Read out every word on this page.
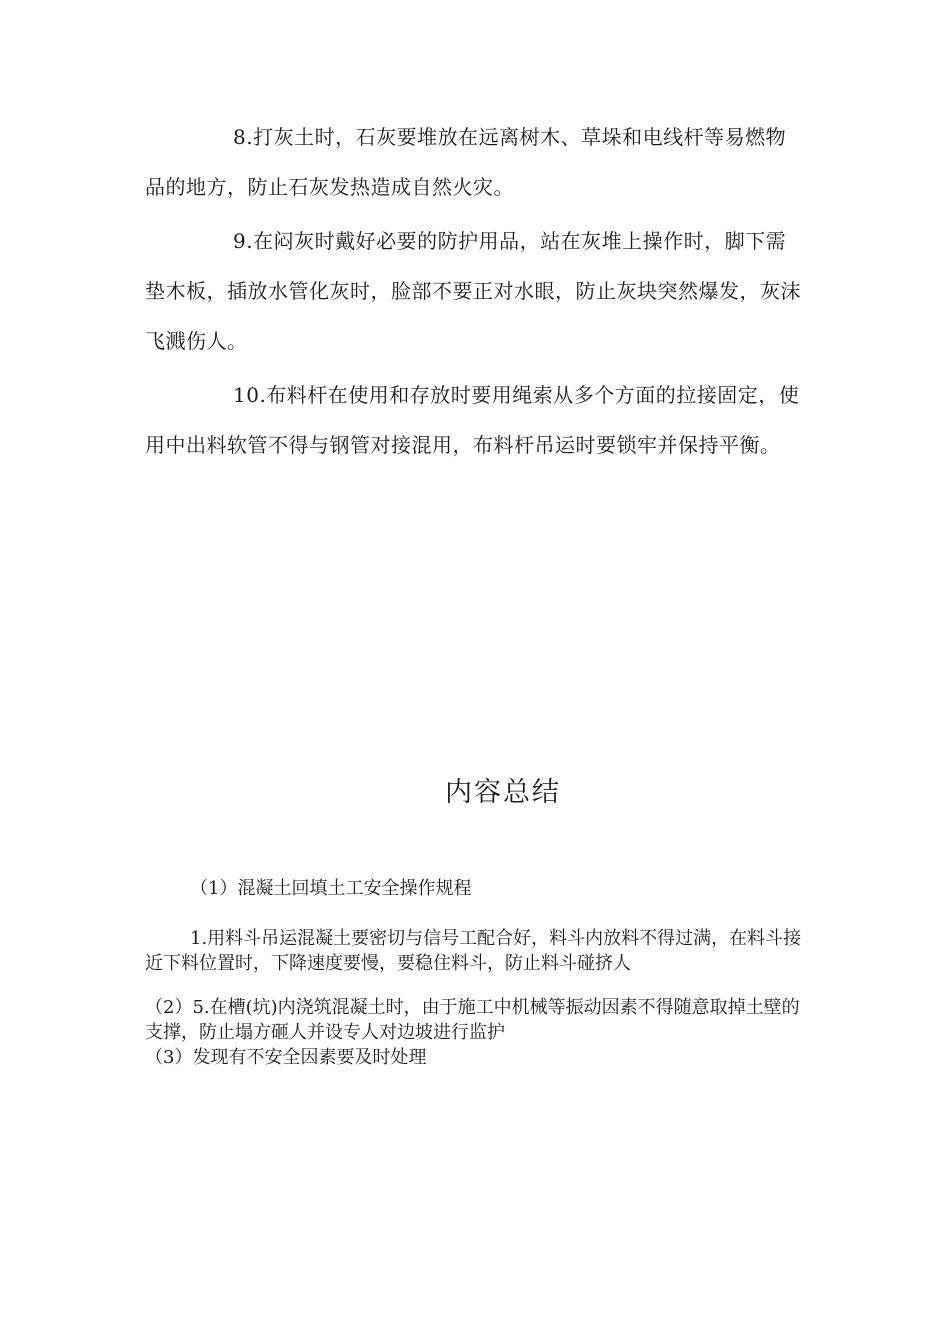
8.打灰土时，石灰要堆放在远离树木、草垛和电线杆等易燃物品的地方，防止石灰发热造成自然火灾。

9.在闷灰时戴好必要的防护用品，站在灰堆上操作时，脚下需垫木板，插放水管化灰时，脸部不要正对水眼，防止灰块突然爆发，灰沫飞溅伤人。

10.布料杆在使用和存放时要用绳索从多个方面的拉接固定，使用中出料软管不得与钢管对接混用，布料杆吊运时要锁牢并保持平衡。

内容总结

（1）混凝土回填土工安全操作规程

1.用料斗吊运混凝土要密切与信号工配合好，料斗内放料不得过满，在料斗接近下料位置时，下降速度要慢，要稳住料斗，防止料斗碰挤人

（2）5.在槽(坑)内浇筑混凝土时，由于施工中机械等振动因素不得随意取掉土壁的支撑，防止塌方砸人并设专人对边坡进行监护

（3）发现有不安全因素要及时处理
